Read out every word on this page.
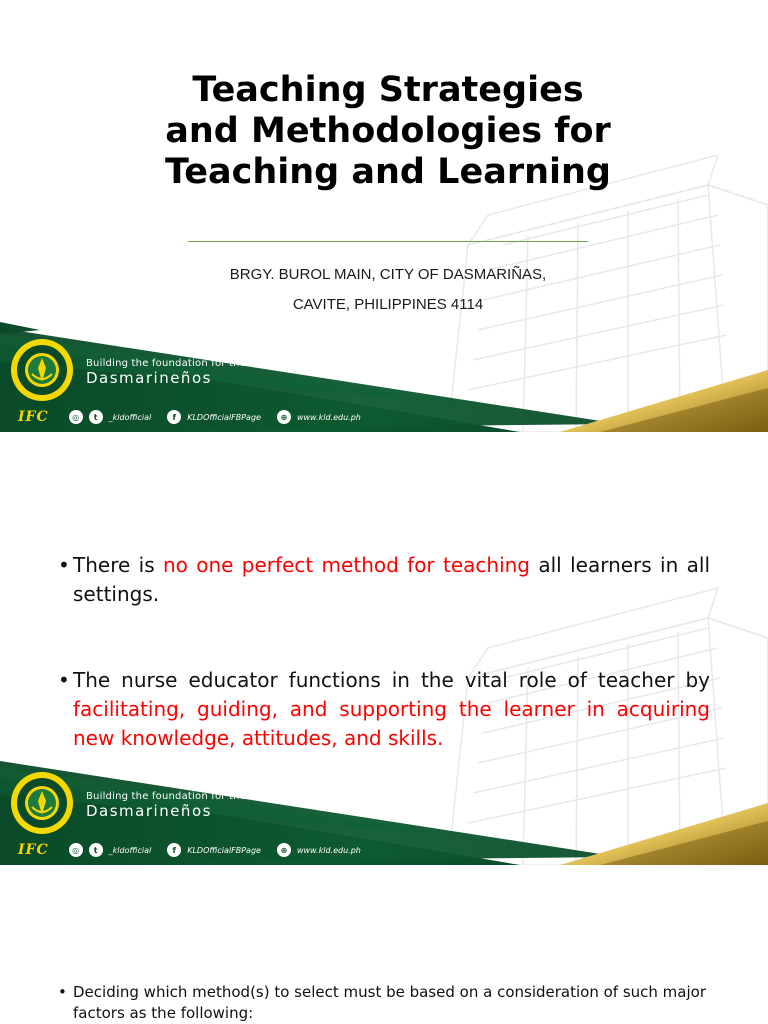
Teaching Strategies and Methodologies for Teaching and Learning
BRGY. BUROL MAIN, CITY OF DASMARIÑAS,
CAVITE, PHILIPPINES 4114
Building the foundation for the
Dasmarineños
IFC	◎	t	_kldofficial	f	KLDOfficialFBPage	⊕	www.kld.edu.ph
• There is no one perfect method for teaching all learners in all settings.
• The nurse educator functions in the vital role of teacher by facilitating, guiding, and supporting the learner in acquiring new knowledge, attitudes, and skills.
Building the foundation for the
Dasmarineños
IFC	◎	t	_kldofficial	f	KLDOfficialFBPage	⊕	www.kld.edu.ph
• Deciding which method(s) to select must be based on a consideration of such major factors as the following:
